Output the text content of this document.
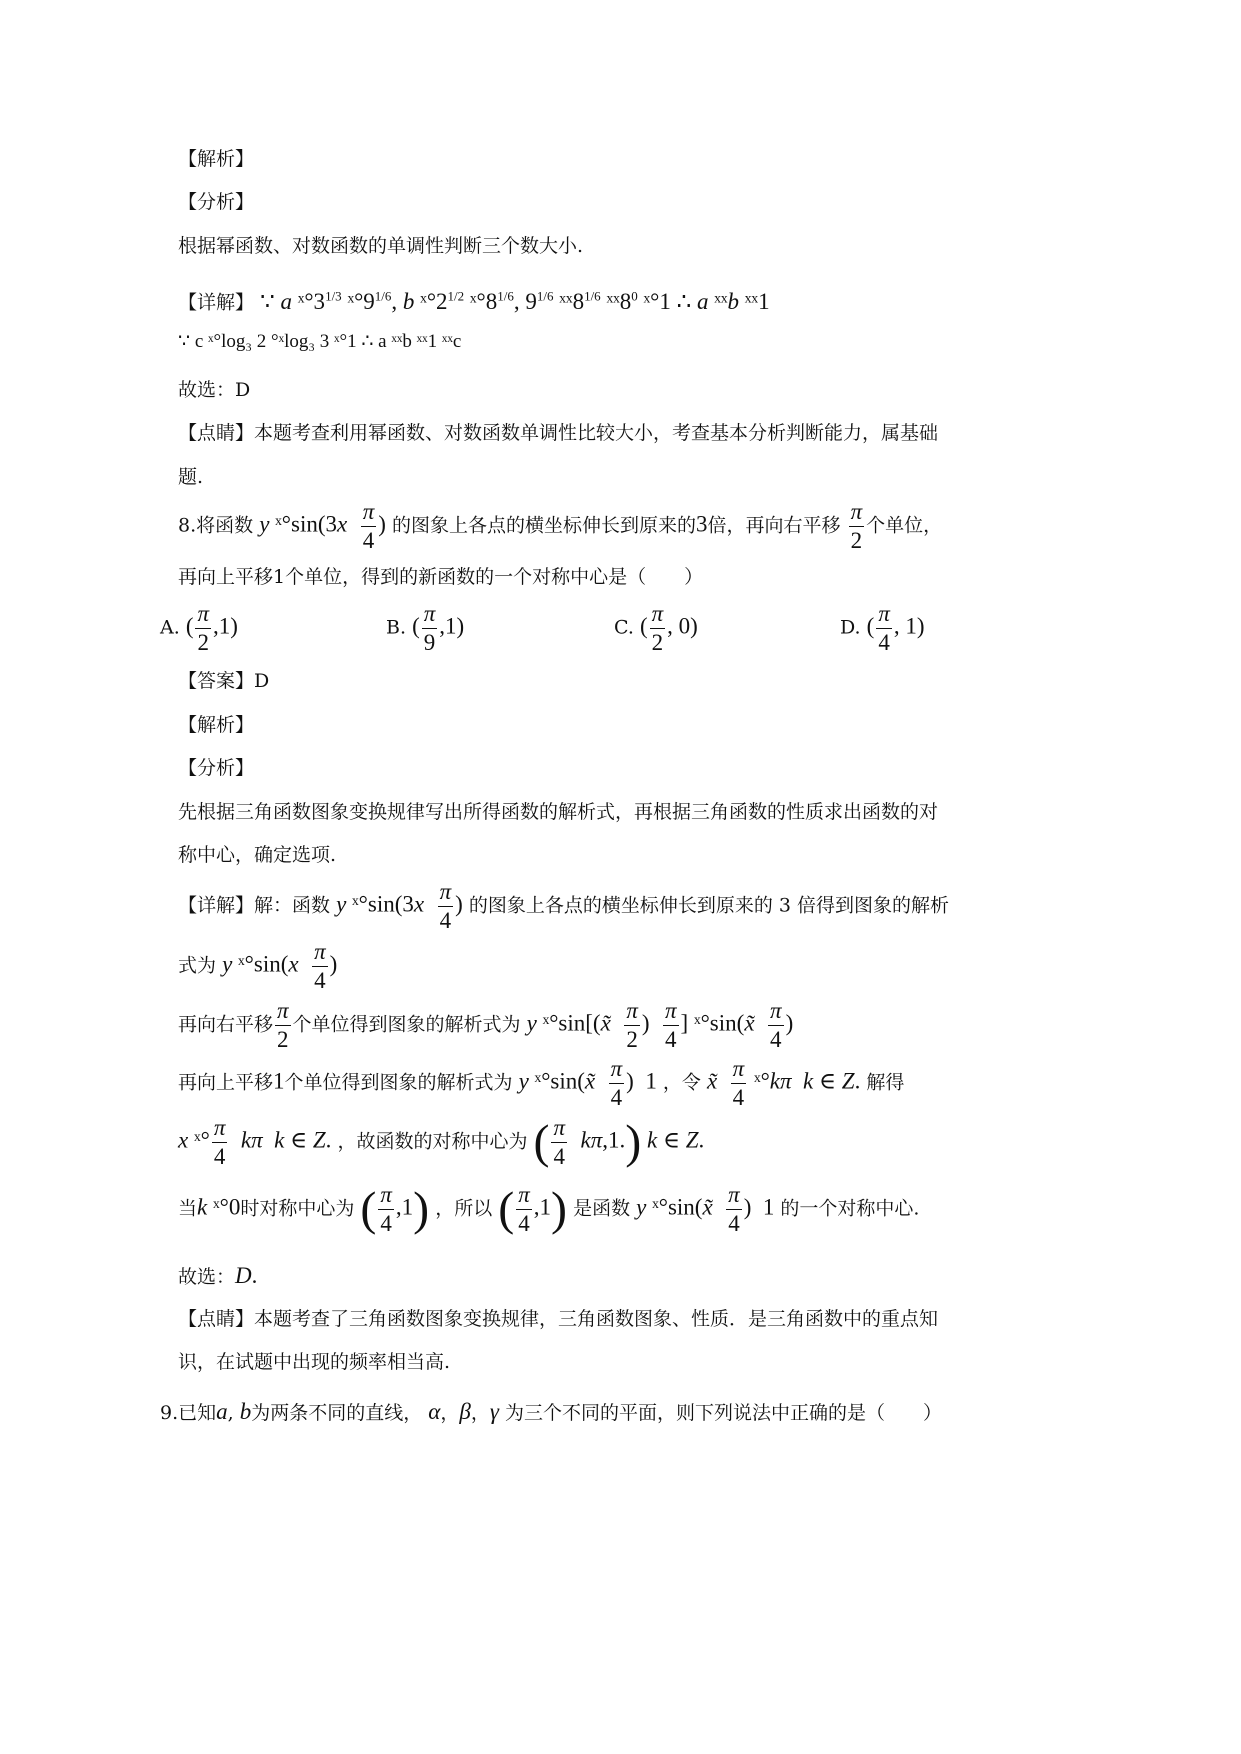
【解析】
【分析】
根据幂函数、对数函数的单调性判断三个数大小.
【详解】 ∵ a $ˣ^\circ 3^{1/3}$ $ˣ^\circ 9^{1/6}$, b $ˣ^\circ 2^{1/2}$ $ˣ^\circ 8^{1/6}$, $9^{1/6}$ $ˣˣ8^{1/6}$ $ˣˣ8^0$ ˣ°1 ∴ a ˣˣb ˣˣ1
∵ c ˣ°log₃ 2 °ˣlog₃ 3 ˣ°1 ∴ a ˣˣb ˣˣ1 ˣˣc
故选：D
【点睛】本题考查利用幂函数、对数函数单调性比较大小，考查基本分析判断能力，属基础
题.
8.将函数 y ˣ°sin(3x $\frac{\pi}{4}$ ) 的图象上各点的横坐标伸长到原来的3倍，再向右平移 $\frac{\pi}{2}$ 个单位，
再向上平移1个单位，得到的新函数的一个对称中心是（　　）
A. ( $\frac{\pi}{2} ,1$)	B. ( $\frac{\pi}{9} ,1$)	C. ( $\frac{\pi}{2}$ , 0)	D. ( $\frac{\pi}{4}$ , 1)
【答案】D
【解析】
【分析】
先根据三角函数图象变换规律写出所得函数的解析式，再根据三角函数的性质求出函数的对
称中心，确定选项.
【详解】解：函数 y ˣ°sin(3x $\frac{\pi}{4}$ ) 的图象上各点的横坐标伸长到原来的 3 倍得到图象的解析
式为 y ˣ°sin(x $\frac{\pi}{4}$ )
再向右平移 $\frac{\pi}{2}$ 个单位得到图象的解析式为 y ˣ°sin[(x̃ $\frac{\pi}{2}$ ) $\frac{\pi}{4}$ ] ˣ°sin(x̃ $\frac{\pi}{4}$ )
再向上平移1个单位得到图象的解析式为 y ˣ°sin(x̃ $\frac{\pi}{4}$ )  1 ，令 x̃ $\frac{\pi}{4}$ ˣ°kπ k ∈ Z. 解得
x ˣ° $\frac{\pi}{4}$ kπ k ∈ Z. ，故函数的对称中心为 ( $\frac{\pi}{4} k\pi,1$.) k ∈ Z.
当k ˣ°0时对称中心为 ( $\frac{\pi}{4} ,1$) ，所以 ( $\frac{\pi}{4} ,1$) 是函数 y ˣ°sin(x̃ $\frac{\pi}{4}$ )  1 的一个对称中心.
故选：D.
【点睛】本题考查了三角函数图象变换规律，三角函数图象、性质．是三角函数中的重点知
识，在试题中出现的频率相当高.
9.已知a, b为两条不同的直线， α，β，γ 为三个不同的平面，则下列说法中正确的是（　　）
